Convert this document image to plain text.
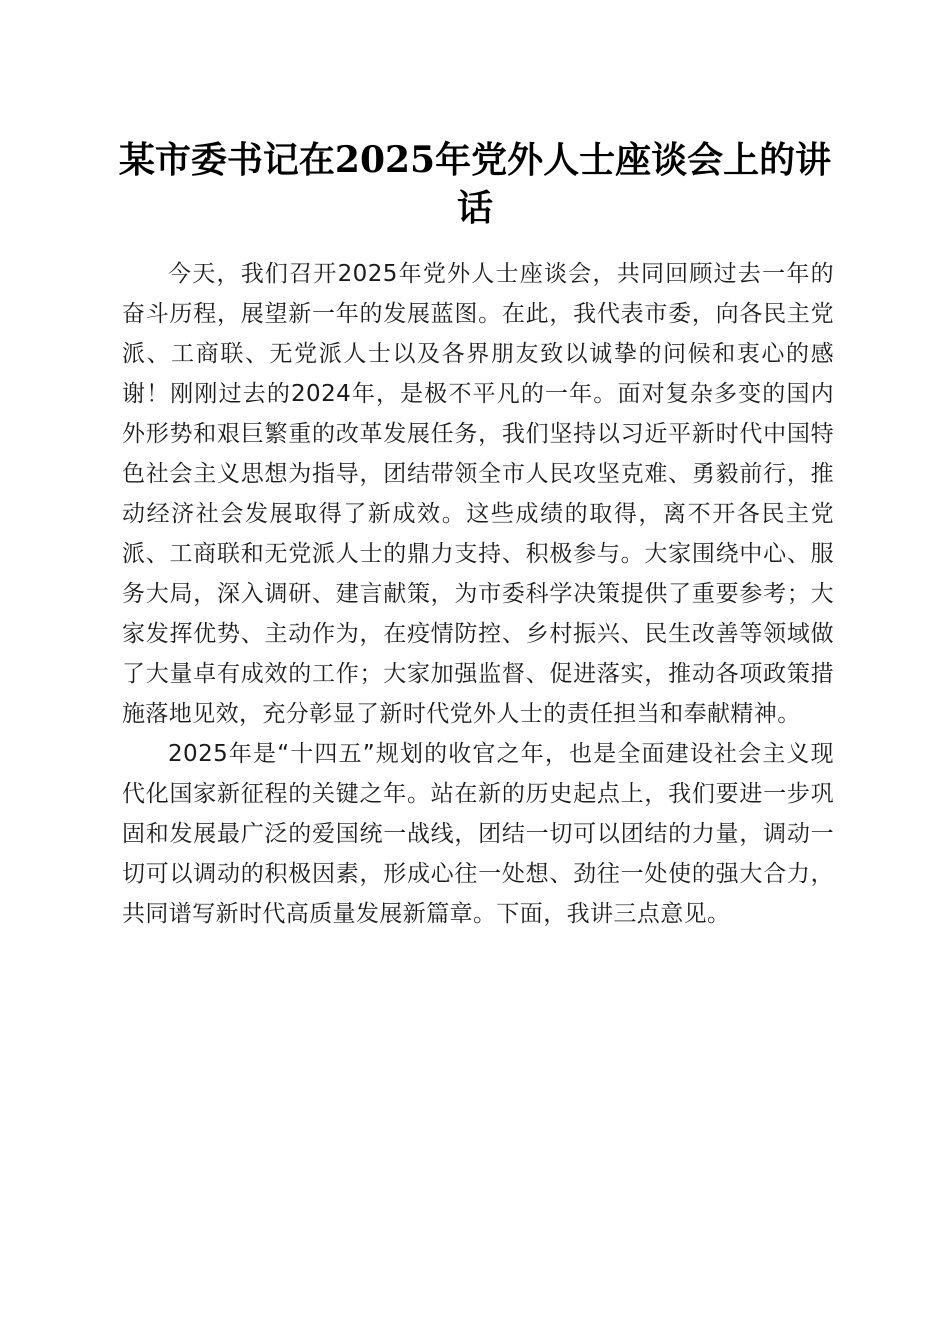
某市委书记在2025年党外人士座谈会上的讲话

今天，我们召开2025年党外人士座谈会，共同回顾过去一年的奋斗历程，展望新一年的发展蓝图。在此，我代表市委，向各民主党派、工商联、无党派人士以及各界朋友致以诚挚的问候和衷心的感谢！刚刚过去的2024年，是极不平凡的一年。面对复杂多变的国内外形势和艰巨繁重的改革发展任务，我们坚持以习近平新时代中国特色社会主义思想为指导，团结带领全市人民攻坚克难、勇毅前行，推动经济社会发展取得了新成效。这些成绩的取得，离不开各民主党派、工商联和无党派人士的鼎力支持、积极参与。大家围绕中心、服务大局，深入调研、建言献策，为市委科学决策提供了重要参考；大家发挥优势、主动作为，在疫情防控、乡村振兴、民生改善等领域做了大量卓有成效的工作；大家加强监督、促进落实，推动各项政策措施落地见效，充分彰显了新时代党外人士的责任担当和奉献精神。

2025年是“十四五”规划的收官之年，也是全面建设社会主义现代化国家新征程的关键之年。站在新的历史起点上，我们要进一步巩固和发展最广泛的爱国统一战线，团结一切可以团结的力量，调动一切可以调动的积极因素，形成心往一处想、劲往一处使的强大合力，共同谱写新时代高质量发展新篇章。下面，我讲三点意见。
